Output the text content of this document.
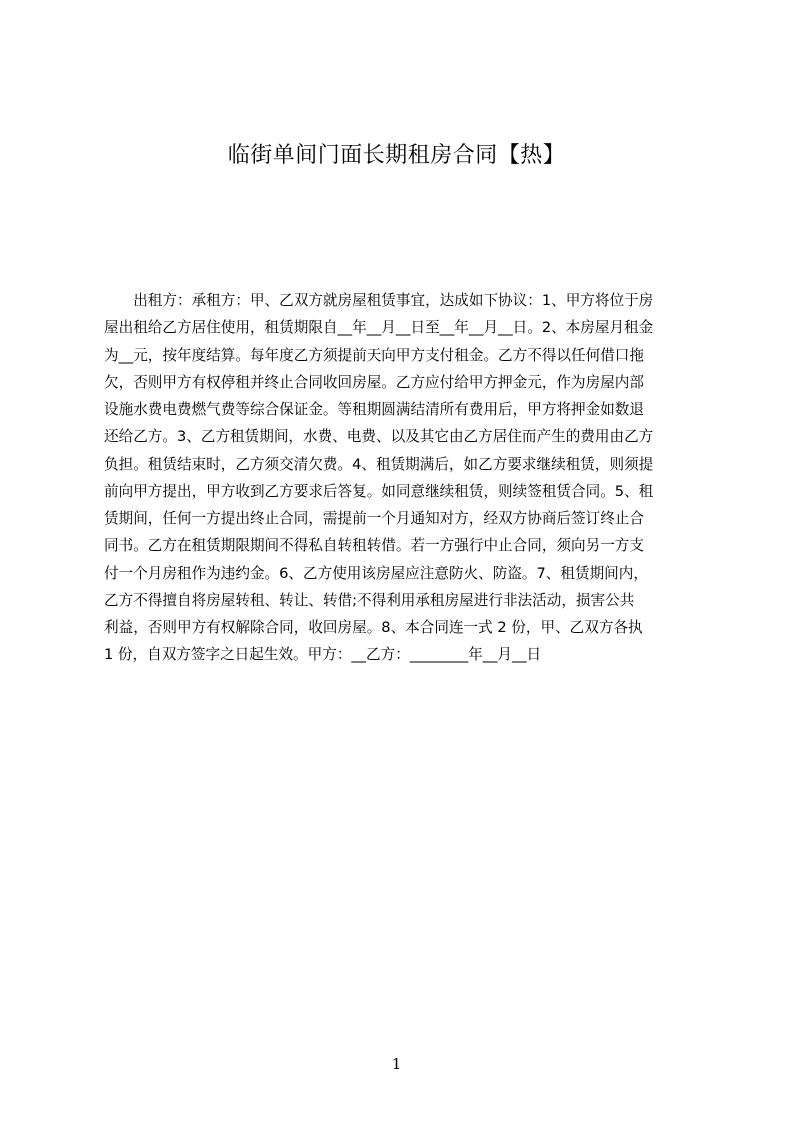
临街单间门面长期租房合同【热】
　　出租方：承租方：甲、乙双方就房屋租赁事宜，达成如下协议：1、甲方将位于房
屋出租给乙方居住使用，租赁期限自__年__月__日至__年__月__日。2、本房屋月租金
为__元，按年度结算。每年度乙方须提前天向甲方支付租金。乙方不得以任何借口拖
欠，否则甲方有权停租并终止合同收回房屋。乙方应付给甲方押金元，作为房屋内部
设施水费电费燃气费等综合保证金。等租期圆满结清所有费用后，甲方将押金如数退
还给乙方。3、乙方租赁期间，水费、电费、以及其它由乙方居住而产生的费用由乙方
负担。租赁结束时，乙方须交清欠费。4、租赁期满后，如乙方要求继续租赁，则须提
前向甲方提出，甲方收到乙方要求后答复。如同意继续租赁，则续签租赁合同。5、租
赁期间，任何一方提出终止合同，需提前一个月通知对方，经双方协商后签订终止合
同书。乙方在租赁期限期间不得私自转租转借。若一方强行中止合同，须向另一方支
付一个月房租作为违约金。6、乙方使用该房屋应注意防火、防盗。7、租赁期间内，
乙方不得擅自将房屋转租、转让、转借;不得利用承租房屋进行非法活动，损害公共
利益，否则甲方有权解除合同，收回房屋。8、本合同连一式 2 份，甲、乙双方各执
1 份，自双方签字之日起生效。甲方：__乙方：________年__月__日
1
